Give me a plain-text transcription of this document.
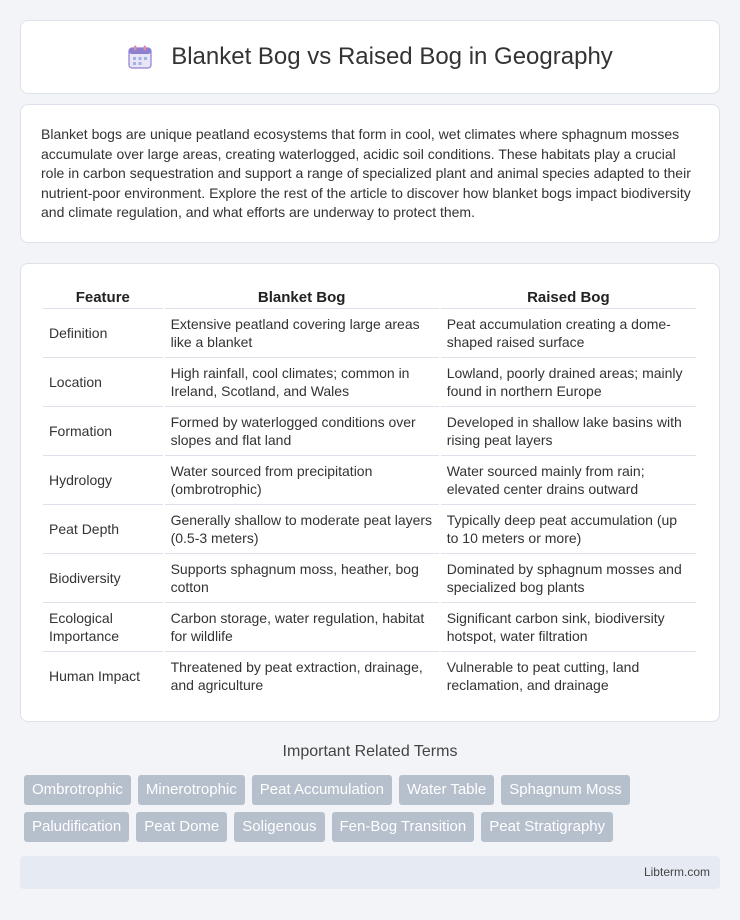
Blanket Bog vs Raised Bog in Geography

Blanket bogs are unique peatland ecosystems that form in cool, wet climates where sphagnum mosses accumulate over large areas, creating waterlogged, acidic soil conditions. These habitats play a crucial role in carbon sequestration and support a range of specialized plant and animal species adapted to their nutrient-poor environment. Explore the rest of the article to discover how blanket bogs impact biodiversity and climate regulation, and what efforts are underway to protect them.

Feature	Blanket Bog	Raised Bog
Definition	Extensive peatland covering large areas like a blanket	Peat accumulation creating a dome-shaped raised surface
Location	High rainfall, cool climates; common in Ireland, Scotland, and Wales	Lowland, poorly drained areas; mainly found in northern Europe
Formation	Formed by waterlogged conditions over slopes and flat land	Developed in shallow lake basins with rising peat layers
Hydrology	Water sourced from precipitation (ombrotrophic)	Water sourced mainly from rain; elevated center drains outward
Peat Depth	Generally shallow to moderate peat layers (0.5-3 meters)	Typically deep peat accumulation (up to 10 meters or more)
Biodiversity	Supports sphagnum moss, heather, bog cotton	Dominated by sphagnum mosses and specialized bog plants
Ecological Importance	Carbon storage, water regulation, habitat for wildlife	Significant carbon sink, biodiversity hotspot, water filtration
Human Impact	Threatened by peat extraction, drainage, and agriculture	Vulnerable to peat cutting, land reclamation, and drainage
Important Related Terms
Ombrotrophic	Minerotrophic	Peat Accumulation	Water Table	Sphagnum Moss
Paludification	Peat Dome	Soligenous	Fen-Bog Transition	Peat Stratigraphy
Libterm.com
